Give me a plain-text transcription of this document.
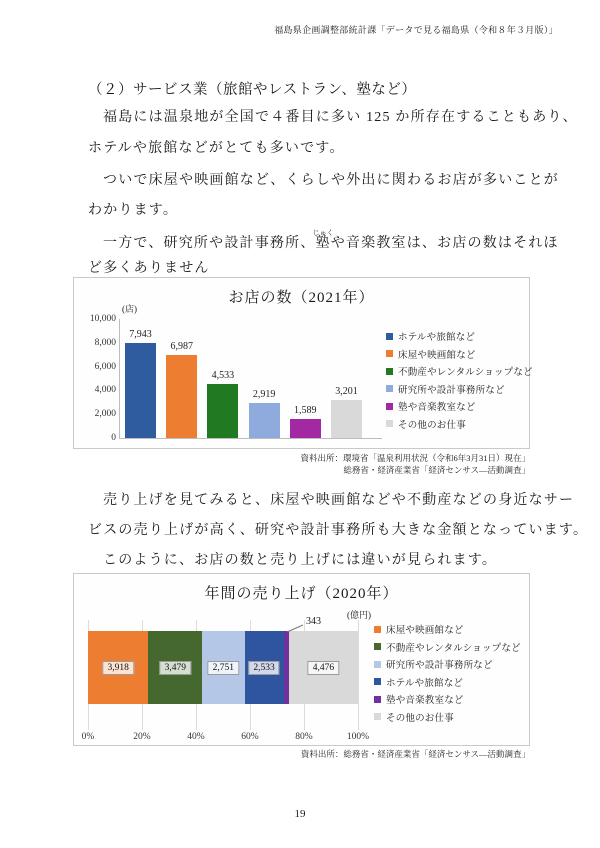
福島県企画調整部統計課「データで見る福島県（令和８年３月版）」
（２）サービス業（旅館やレストラン、塾など）
福島には温泉地が全国で４番目に多い 125 か所存在することもあり、
ホテルや旅館などがとても多いです。
ついで床屋や映画館など、くらしや外出に関わるお店が多いことが
わかります。
一方で、研究所や設計事務所、塾じゅくや音楽教室は、お店の数はそれほ
ど多くありません
お店の数（2021年）
(店)
10,000
8,000
6,000
4,000
2,000
0
7,943
6,987
4,533
2,919
1,589
3,201
ホテルや旅館など
床屋や映画館など
不動産やレンタルショップなど
研究所や設計事務所など
塾や音楽教室など
その他のお仕事
資料出所：環境省「温泉利用状況（令和6年3月31日）現在」
総務省・経済産業省「経済センサス―活動調査」
売り上げを見てみると、床屋や映画館などや不動産などの身近なサー
ビスの売り上げが高く、研究や設計事務所も大きな金額となっています。
このように、お店の数と売り上げには違いが見られます。
年間の売り上げ（2020年）
(億円)
3,918	3,479	2,751	2,533	4,476
343
0%	20%	40%	60%	80%	100%
床屋や映画館など
不動産やレンタルショップなど
研究所や設計事務所など
ホテルや旅館など
塾や音楽教室など
その他のお仕事
資料出所：総務省・経済産業省「経済センサス―活動調査」
19
